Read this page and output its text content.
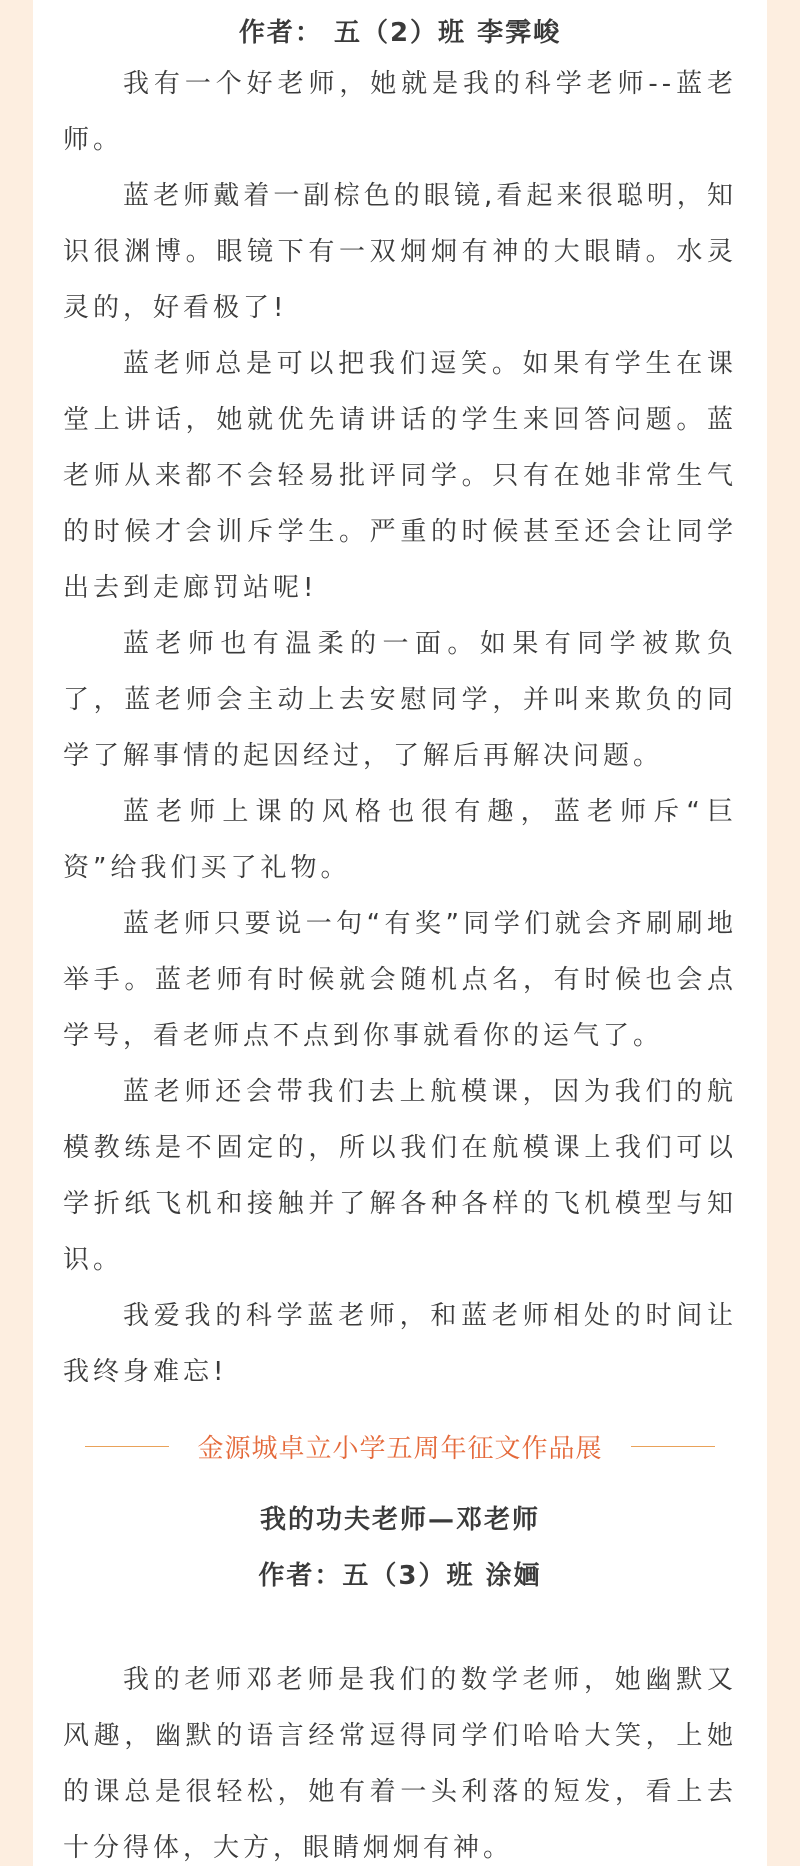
作者： 五（2）班 李霁峻

我有一个好老师，她就是我的科学老师--蓝老师。

蓝老师戴着一副棕色的眼镜,看起来很聪明，知识很渊博。眼镜下有一双炯炯有神的大眼睛。水灵灵的，好看极了!

蓝老师总是可以把我们逗笑。如果有学生在课堂上讲话，她就优先请讲话的学生来回答问题。蓝老师从来都不会轻易批评同学。只有在她非常生气的时候才会训斥学生。严重的时候甚至还会让同学出去到走廊罚站呢!

蓝老师也有温柔的一面。如果有同学被欺负了，蓝老师会主动上去安慰同学，并叫来欺负的同学了解事情的起因经过，了解后再解决问题。

蓝老师上课的风格也很有趣，蓝老师斥“巨资”给我们买了礼物。

蓝老师只要说一句“有奖”同学们就会齐刷刷地举手。蓝老师有时候就会随机点名，有时候也会点学号，看老师点不点到你事就看你的运气了。

蓝老师还会带我们去上航模课，因为我们的航模教练是不固定的，所以我们在航模课上我们可以学折纸飞机和接触并了解各种各样的飞机模型与知识。

我爱我的科学蓝老师，和蓝老师相处的时间让我终身难忘!

金源城卓立小学五周年征文作品展

我的功夫老师—邓老师

作者：五（3）班 涂婳

我的老师邓老师是我们的数学老师，她幽默又风趣，幽默的语言经常逗得同学们哈哈大笑，上她的课总是很轻松，她有着一头利落的短发，看上去十分得体，大方，眼睛炯炯有神。
